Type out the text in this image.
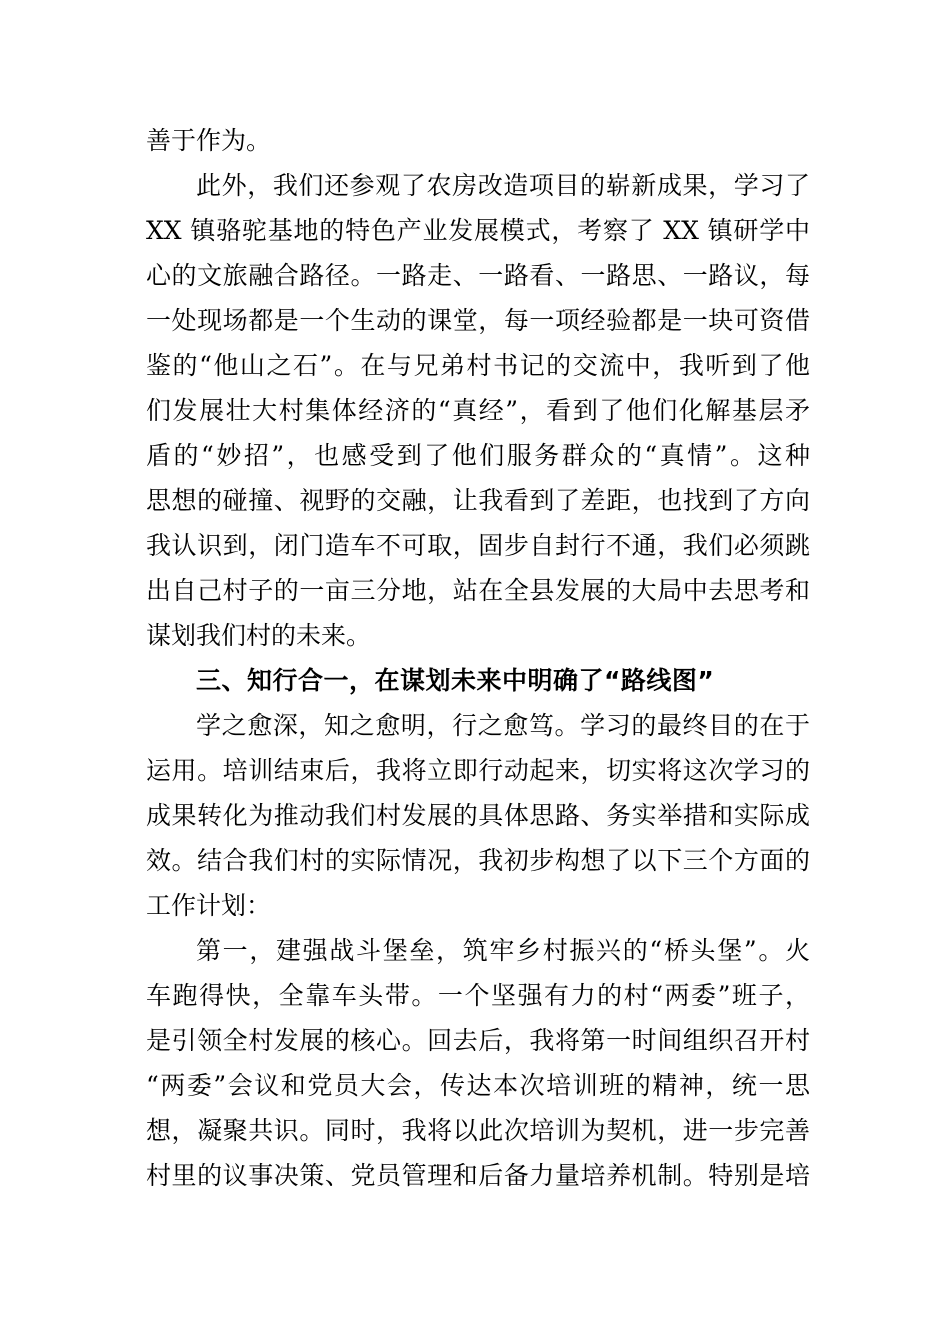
善于作为。
此外，我们还参观了农房改造项目的崭新成果，学习了
XX 镇骆驼基地的特色产业发展模式，考察了 XX 镇研学中
心的文旅融合路径。一路走、一路看、一路思、一路议，每
一处现场都是一个生动的课堂，每一项经验都是一块可资借
鉴的“他山之石”。在与兄弟村书记的交流中，我听到了他
们发展壮大村集体经济的“真经”，看到了他们化解基层矛
盾的“妙招”，也感受到了他们服务群众的“真情”。这种
思想的碰撞、视野的交融，让我看到了差距，也找到了方向
我认识到，闭门造车不可取，固步自封行不通，我们必须跳
出自己村子的一亩三分地，站在全县发展的大局中去思考和
谋划我们村的未来。
三、知行合一，在谋划未来中明确了“路线图”
学之愈深，知之愈明，行之愈笃。学习的最终目的在于
运用。培训结束后，我将立即行动起来，切实将这次学习的
成果转化为推动我们村发展的具体思路、务实举措和实际成
效。结合我们村的实际情况，我初步构想了以下三个方面的
工作计划：
第一，建强战斗堡垒，筑牢乡村振兴的“桥头堡”。火
车跑得快，全靠车头带。一个坚强有力的村“两委”班子，
是引领全村发展的核心。回去后，我将第一时间组织召开村
“两委”会议和党员大会，传达本次培训班的精神，统一思
想，凝聚共识。同时，我将以此次培训为契机，进一步完善
村里的议事决策、党员管理和后备力量培养机制。特别是培
